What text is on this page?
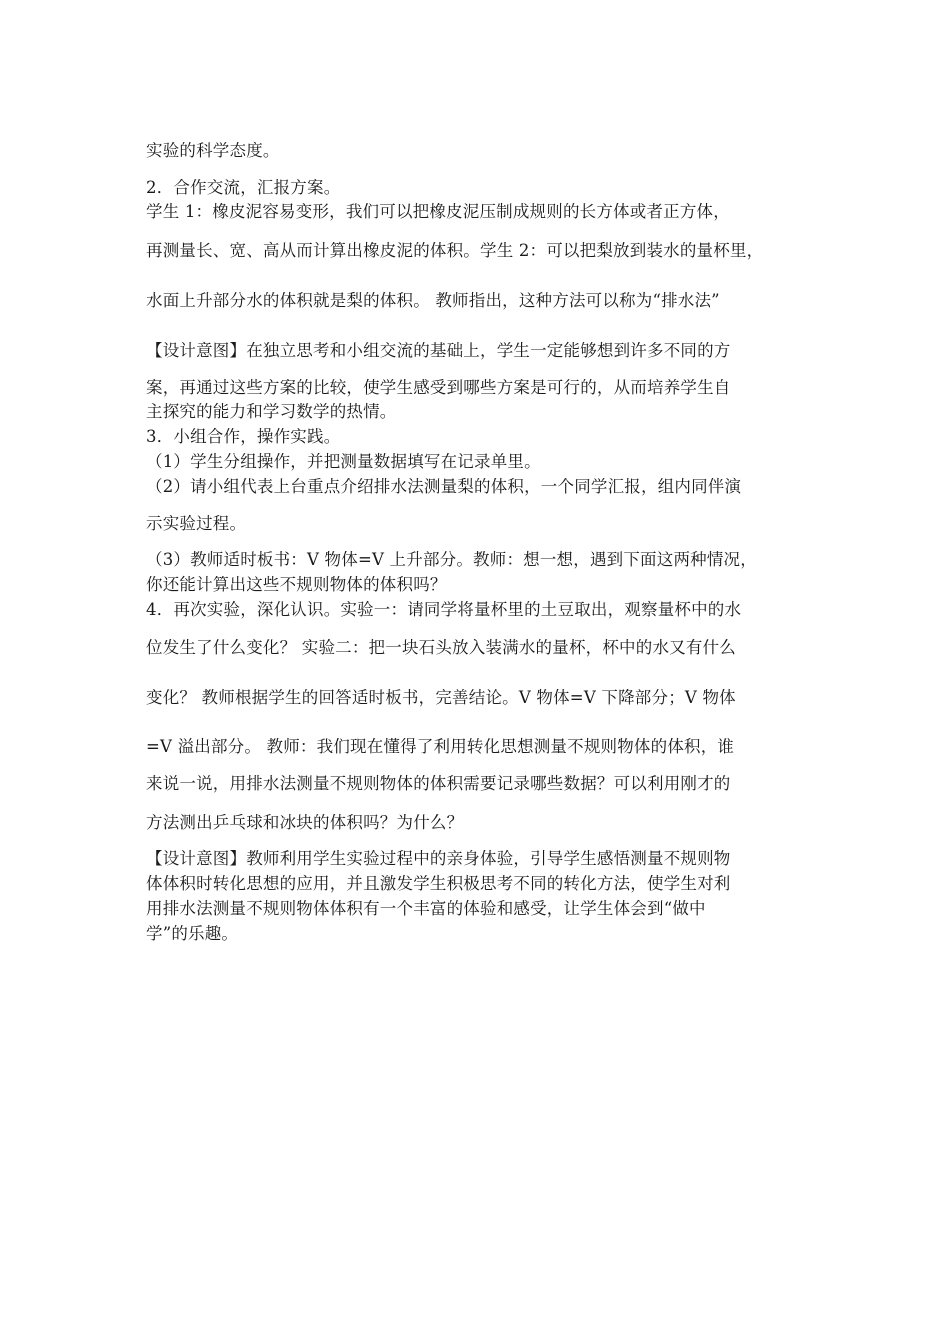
实验的科学态度。
2．合作交流，汇报方案。
学生 1：橡皮泥容易变形，我们可以把橡皮泥压制成规则的长方体或者正方体，
再测量长、宽、高从而计算出橡皮泥的体积。学生 2：可以把梨放到装水的量杯里，
水面上升部分水的体积就是梨的体积。 教师指出，这种方法可以称为“排水法”
【设计意图】在独立思考和小组交流的基础上，学生一定能够想到许多不同的方
案，再通过这些方案的比较，使学生感受到哪些方案是可行的，从而培养学生自
主探究的能力和学习数学的热情。
3．小组合作，操作实践。
（1）学生分组操作，并把测量数据填写在记录单里。
（2）请小组代表上台重点介绍排水法测量梨的体积，一个同学汇报，组内同伴演
示实验过程。
（3）教师适时板书：V 物体=V 上升部分。教师：想一想，遇到下面这两种情况，
你还能计算出这些不规则物体的体积吗？
4．再次实验，深化认识。实验一：请同学将量杯里的土豆取出，观察量杯中的水
位发生了什么变化？ 实验二：把一块石头放入装满水的量杯，杯中的水又有什么
变化？ 教师根据学生的回答适时板书，完善结论。V 物体=V 下降部分；V 物体
=V 溢出部分。 教师：我们现在懂得了利用转化思想测量不规则物体的体积，谁
来说一说，用排水法测量不规则物体的体积需要记录哪些数据？可以利用刚才的
方法测出乒乓球和冰块的体积吗？为什么？
【设计意图】教师利用学生实验过程中的亲身体验，引导学生感悟测量不规则物
体体积时转化思想的应用，并且激发学生积极思考不同的转化方法，使学生对利
用排水法测量不规则物体体积有一个丰富的体验和感受，让学生体会到“做中
学”的乐趣。
